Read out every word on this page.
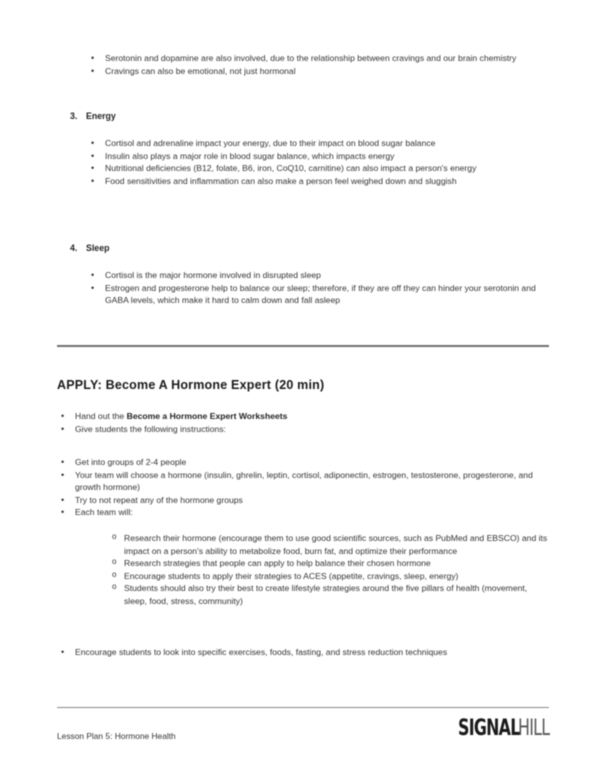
• Serotonin and dopamine are also involved, due to the relationship between cravings and our brain chemistry
• Cravings can also be emotional, not just hormonal
3. Energy
• Cortisol and adrenaline impact your energy, due to their impact on blood sugar balance
• Insulin also plays a major role in blood sugar balance, which impacts energy
• Nutritional deficiencies (B12, folate, B6, iron, CoQ10, carnitine) can also impact a person's energy
• Food sensitivities and inflammation can also make a person feel weighed down and sluggish
4. Sleep
• Cortisol is the major hormone involved in disrupted sleep
• Estrogen and progesterone help to balance our sleep; therefore, if they are off they can hinder your serotonin and GABA levels, which make it hard to calm down and fall asleep
APPLY: Become A Hormone Expert (20 min)
• Hand out the Become a Hormone Expert Worksheets
• Give students the following instructions:
• Get into groups of 2-4 people
• Your team will choose a hormone (insulin, ghrelin, leptin, cortisol, adiponectin, estrogen, testosterone, progesterone, and growth hormone)
• Try to not repeat any of the hormone groups
• Each team will:
o Research their hormone (encourage them to use good scientific sources, such as PubMed and EBSCO) and its impact on a person's ability to metabolize food, burn fat, and optimize their performance
o Research strategies that people can apply to help balance their chosen hormone
o Encourage students to apply their strategies to ACES (appetite, cravings, sleep, energy)
o Students should also try their best to create lifestyle strategies around the five pillars of health (movement, sleep, food, stress, community)
• Encourage students to look into specific exercises, foods, fasting, and stress reduction techniques
Lesson Plan 5: Hormone Health	SIGNAL
HILL
